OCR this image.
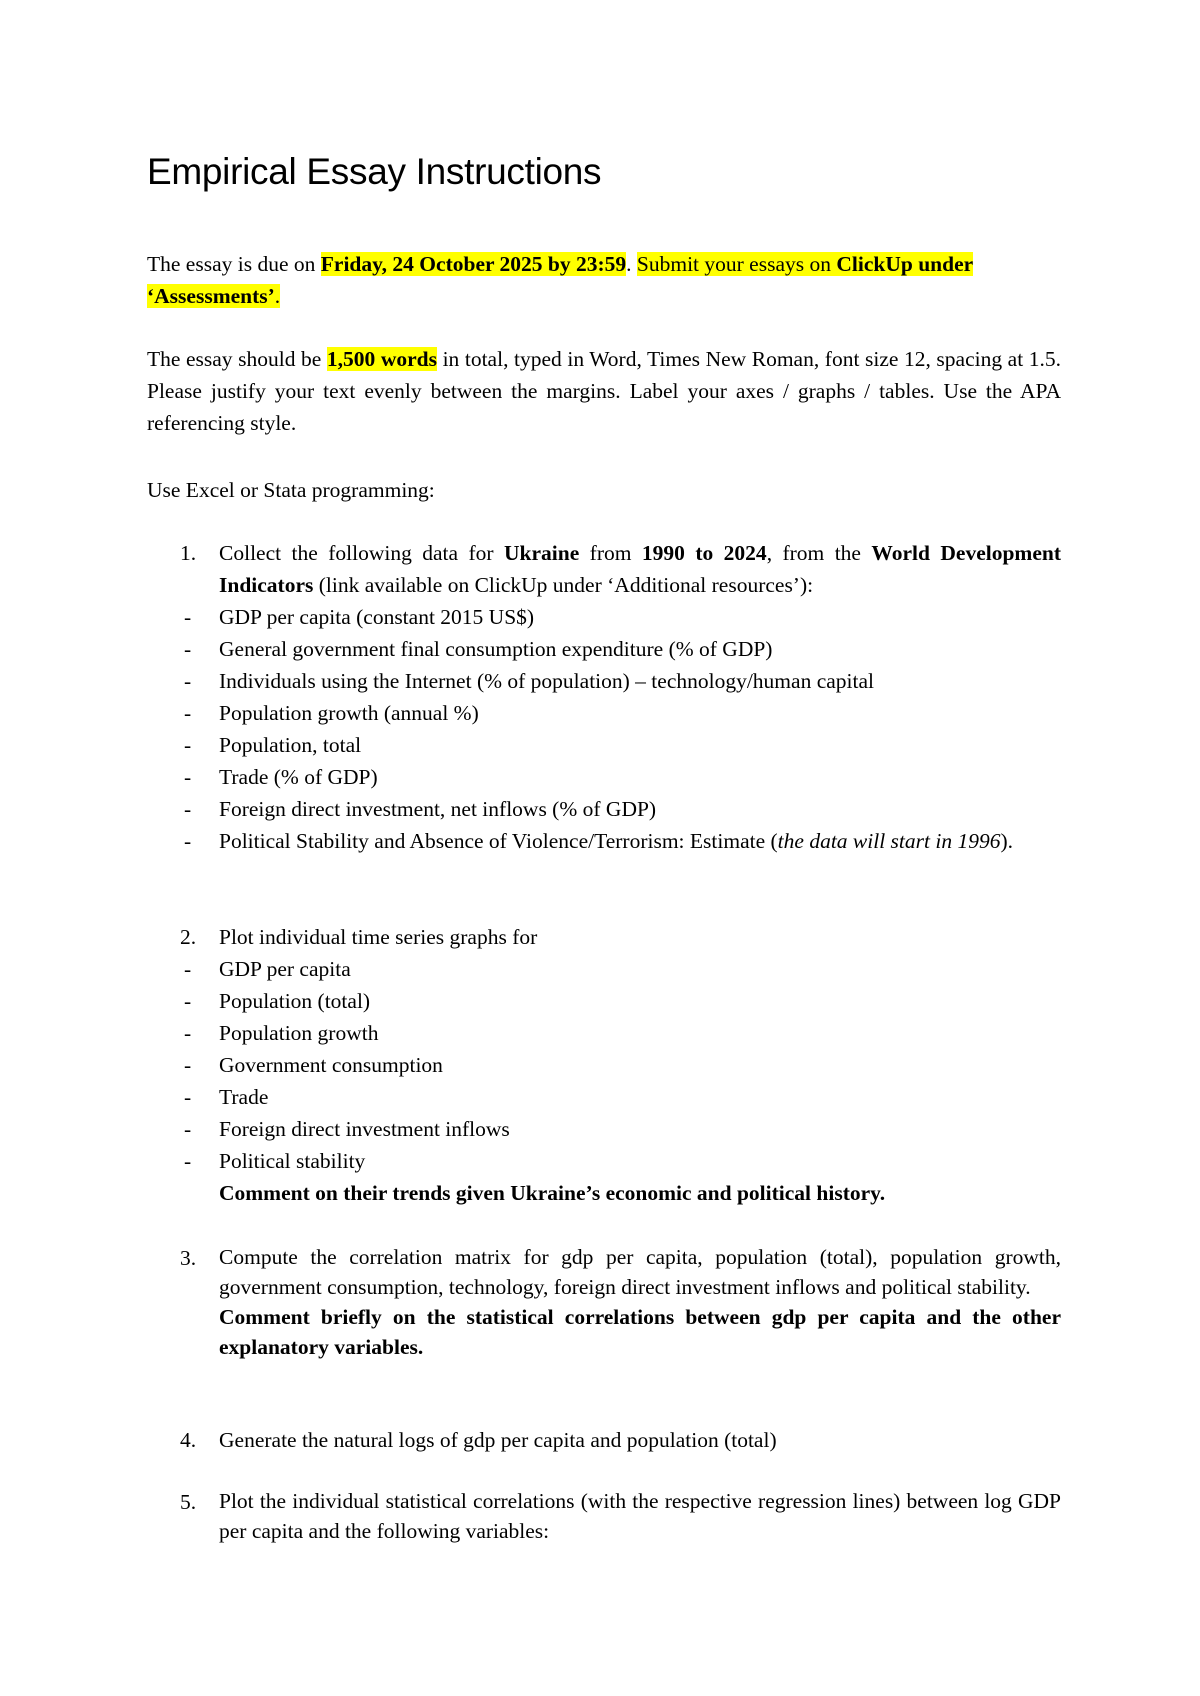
Empirical Essay Instructions

The essay is due on Friday, 24 October 2025 by 23:59. Submit your essays on ClickUp under
‘Assessments’.

The essay should be 1,500 words in total, typed in Word, Times New Roman, font size 12, spacing at 1.5. Please justify your text evenly between the margins. Label your axes / graphs / tables. Use the APA referencing style.

Use Excel or Stata programming:

1. Collect the following data for Ukraine from 1990 to 2024, from the World Development Indicators (link available on ClickUp under ‘Additional resources’):
- GDP per capita (constant 2015 US$)
- General government final consumption expenditure (% of GDP)
- Individuals using the Internet (% of population) – technology/human capital
- Population growth (annual %)
- Population, total
- Trade (% of GDP)
- Foreign direct investment, net inflows (% of GDP)
- Political Stability and Absence of Violence/Terrorism: Estimate (the data will start in 1996).
2. Plot individual time series graphs for
- GDP per capita
- Population (total)
- Population growth
- Government consumption
- Trade
- Foreign direct investment inflows
- Political stability
Comment on their trends given Ukraine’s economic and political history.
3. Compute the correlation matrix for gdp per capita, population (total), population growth, government consumption, technology, foreign direct investment inflows and political stability.
Comment briefly on the statistical correlations between gdp per capita and the other explanatory variables.
4. Generate the natural logs of gdp per capita and population (total)
5. Plot the individual statistical correlations (with the respective regression lines) between log GDP per capita and the following variables:
